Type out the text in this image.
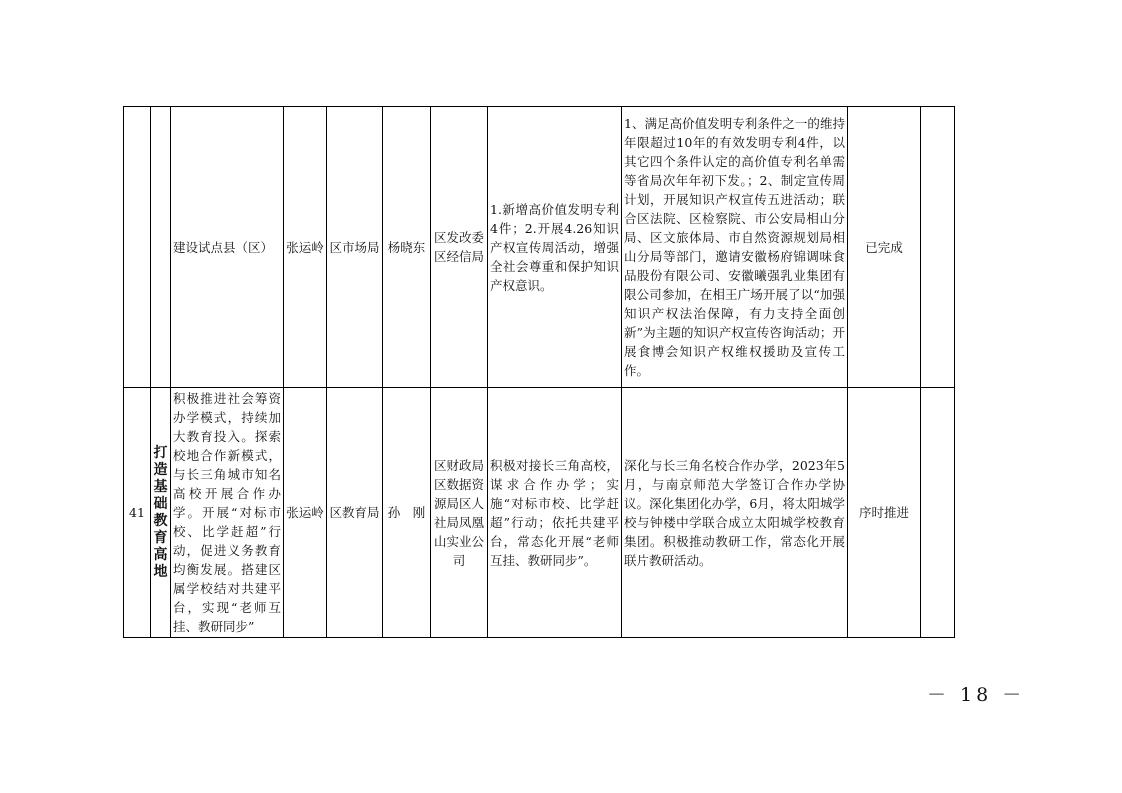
		建设试点县（区）	张运岭	区市场局	杨晓东	区发改委区经信局	1.新增高价值发明专利4件；2.开展4.26知识产权宣传周活动，增强全社会尊重和保护知识产权意识。	1、满足高价值发明专利条件之一的维持年限超过10年的有效发明专利4件，以其它四个条件认定的高价值专利名单需等省局次年年初下发。；2、制定宣传周计划，开展知识产权宣传五进活动；联合区法院、区检察院、市公安局相山分局、区文旅体局、市自然资源规划局相山分局等部门，邀请安徽杨府锦调味食品股份有限公司、安徽曦强乳业集团有限公司参加，在相王广场开展了以“加强知识产权法治保障，有力支持全面创新”为主题的知识产权宣传咨询活动；开展食博会知识产权维权援助及宣传工作。	已完成	
41	打造基础教育高地	积极推进社会筹资办学模式，持续加大教育投入。探索校地合作新模式，与长三角城市知名高校开展合作办学。开展“对标市校、比学赶超”行动，促进义务教育均衡发展。搭建区属学校结对共建平台，实现“老师互挂、教研同步”	张运岭	区教育局	孙　刚	区财政局区数据资源局区人社局凤凰山实业公司	积极对接长三角高校，谋求合作办学；实施“对标市校、比学赶超”行动；依托共建平台，常态化开展“老师互挂、教研同步”。	深化与长三角名校合作办学，2023年5月，与南京师范大学签订合作办学协议。深化集团化办学，6月，将太阳城学校与钟楼中学联合成立太阳城学校教育集团。积极推动教研工作，常态化开展联片教研活动。	序时推进	
－ 18 －
